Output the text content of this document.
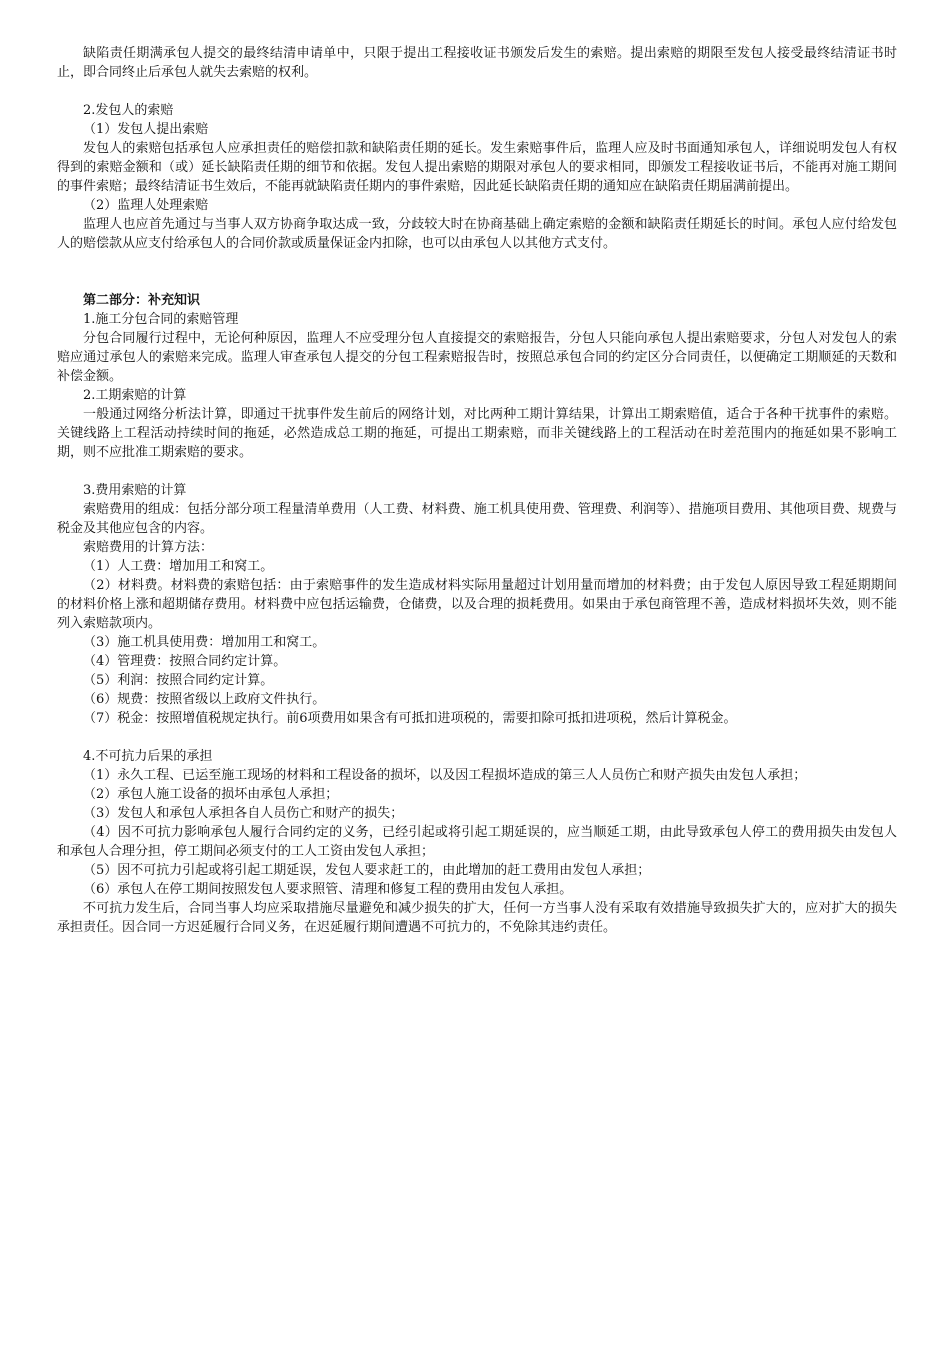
缺陷责任期满承包人提交的最终结清申请单中，只限于提出工程接收证书颁发后发生的索赔。提出索赔的期限至发包人接受最终结清证书时止，即合同终止后承包人就失去索赔的权利。

2.发包人的索赔

（1）发包人提出索赔

发包人的索赔包括承包人应承担责任的赔偿扣款和缺陷责任期的延长。发生索赔事件后，监理人应及时书面通知承包人，详细说明发包人有权得到的索赔金额和（或）延长缺陷责任期的细节和依据。发包人提出索赔的期限对承包人的要求相同，即颁发工程接收证书后，不能再对施工期间的事件索赔；最终结清证书生效后，不能再就缺陷责任期内的事件索赔，因此延长缺陷责任期的通知应在缺陷责任期届满前提出。

（2）监理人处理索赔

监理人也应首先通过与当事人双方协商争取达成一致，分歧较大时在协商基础上确定索赔的金额和缺陷责任期延长的时间。承包人应付给发包人的赔偿款从应支付给承包人的合同价款或质量保证金内扣除，也可以由承包人以其他方式支付。

第二部分：补充知识

1.施工分包合同的索赔管理

分包合同履行过程中，无论何种原因，监理人不应受理分包人直接提交的索赔报告，分包人只能向承包人提出索赔要求，分包人对发包人的索赔应通过承包人的索赔来完成。监理人审查承包人提交的分包工程索赔报告时，按照总承包合同的约定区分合同责任，以便确定工期顺延的天数和补偿金额。

2.工期索赔的计算

一般通过网络分析法计算，即通过干扰事件发生前后的网络计划，对比两种工期计算结果，计算出工期索赔值，适合于各种干扰事件的索赔。关键线路上工程活动持续时间的拖延，必然造成总工期的拖延，可提出工期索赔，而非关键线路上的工程活动在时差范围内的拖延如果不影响工期，则不应批准工期索赔的要求。

3.费用索赔的计算

索赔费用的组成：包括分部分项工程量清单费用（人工费、材料费、施工机具使用费、管理费、利润等）、措施项目费用、其他项目费、规费与税金及其他应包含的内容。

索赔费用的计算方法：

（1）人工费：增加用工和窝工。

（2）材料费。材料费的索赔包括：由于索赔事件的发生造成材料实际用量超过计划用量而增加的材料费；由于发包人原因导致工程延期期间的材料价格上涨和超期储存费用。材料费中应包括运输费，仓储费，以及合理的损耗费用。如果由于承包商管理不善，造成材料损坏失效，则不能列入索赔款项内。

（3）施工机具使用费：增加用工和窝工。

（4）管理费：按照合同约定计算。

（5）利润：按照合同约定计算。

（6）规费：按照省级以上政府文件执行。

（7）税金：按照增值税规定执行。前6项费用如果含有可抵扣进项税的，需要扣除可抵扣进项税，然后计算税金。

4.不可抗力后果的承担

（1）永久工程、已运至施工现场的材料和工程设备的损坏，以及因工程损坏造成的第三人人员伤亡和财产损失由发包人承担；

（2）承包人施工设备的损坏由承包人承担；

（3）发包人和承包人承担各自人员伤亡和财产的损失；

（4）因不可抗力影响承包人履行合同约定的义务，已经引起或将引起工期延误的，应当顺延工期，由此导致承包人停工的费用损失由发包人和承包人合理分担，停工期间必须支付的工人工资由发包人承担；

（5）因不可抗力引起或将引起工期延误，发包人要求赶工的，由此增加的赶工费用由发包人承担；

（6）承包人在停工期间按照发包人要求照管、清理和修复工程的费用由发包人承担。

不可抗力发生后，合同当事人均应采取措施尽量避免和减少损失的扩大，任何一方当事人没有采取有效措施导致损失扩大的，应对扩大的损失承担责任。因合同一方迟延履行合同义务，在迟延履行期间遭遇不可抗力的，不免除其违约责任。
